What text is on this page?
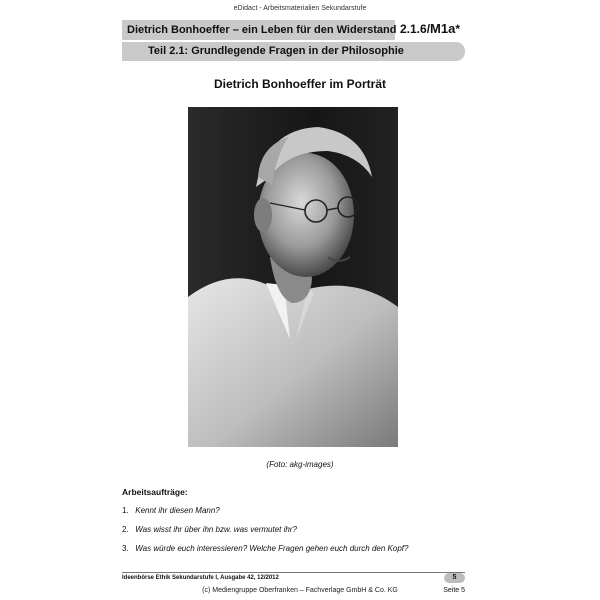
eDidact - Arbeitsmaterialien Sekundarstufe
Dietrich Bonhoeffer – ein Leben für den Widerstand 2.1.6/M1a*
Teil 2.1: Grundlegende Fragen in der Philosophie
Dietrich Bonhoeffer im Porträt
(Foto: akg-images)
Arbeitsaufträge:
1. Kennt ihr diesen Mann?
2. Was wisst ihr über ihn bzw. was vermutet ihr?
3. Was würde euch interessieren? Welche Fragen gehen euch durch den Kopf?
Ideenbörse Ethik Sekundarstufe I, Ausgabe 42, 12/2012	5
(c) Mediengruppe Oberfranken – Fachverlage GmbH & Co. KG	Seite 5
